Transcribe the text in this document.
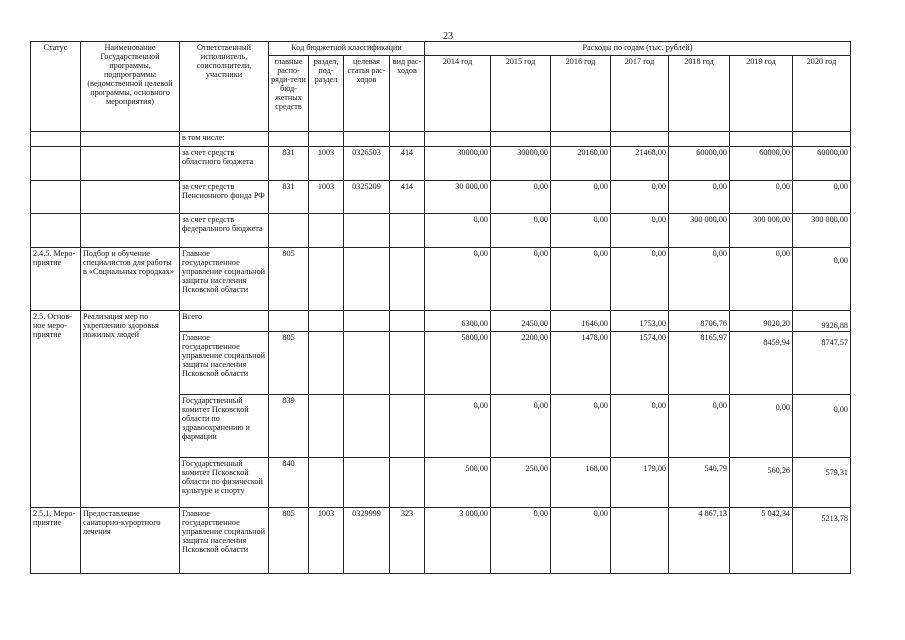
23
Статус	Наименование Государственной программы, подпрограммы (ведомственной целевой программы, основного мероприятия)	Ответственный исполнитель, соисполнители, участники	Код бюджетной классификации				Расходы по годам (тыс. рублей)						
			главные распо-ряди-тели бюд-жетных средств	раздел, под-раздел	целевая статья рас-ходов	вид рас-ходов	2014 год	2015 год	2016 год	2017 год	2018 год	2019 год	2020 год
		в том числе:											
		за счет средств областного бюджета	831	1003	0326503	414	30000,00	30000,00	20160,00	21468,00	60000,00	60000,00	60000,00
		за счет средств Пенсионного фонда РФ	831	1003	0325209	414	30 000,00	0,00	0,00	0,00	0,00	0,00	0,00
		за счет средств федерального бюджета					0,00	0,00	0,00	0,00	300 000,00	300 000,00	300 000,00
2.4.5. Меро-приятие	Подбор и обучение специалистов для работы в «Социальных городках»	Главное государственное управление социальной защиты населения Псковской области	805				0,00	0,00	0,00	0,00	0,00	0,00	0,00
2.5. Основ-ное меро-приятие	Реализация мер по укреплению здоровья пожилых людей	Всего					6300,00	2450,00	1646,00	1753,00	8706,76	9020,20	9326,88
		Главное государственное управление социальной защиты населения Псковской области	805				5800,00	2200,00	1478,00	1574,00	8165,97	8459,94	8747,57
		Государственный комитет Псковской области по здравоохранению и фармации	839				0,00	0,00	0,00	0,00	0,00	0,00	0,00
		Государственный комитет Псковской области по физической культуре и спорту	840				500,00	250,00	168,00	179,00	540,79	560,26	579,31
2.5.1. Меро-приятие	Предоставление санаторно-курортного лечения	Главное государственное управление социальной защиты населения Псковской области	805	1003	0329999	323	3 000,00	0,00	0,00		4 867,13	5 042,34	5213,78
